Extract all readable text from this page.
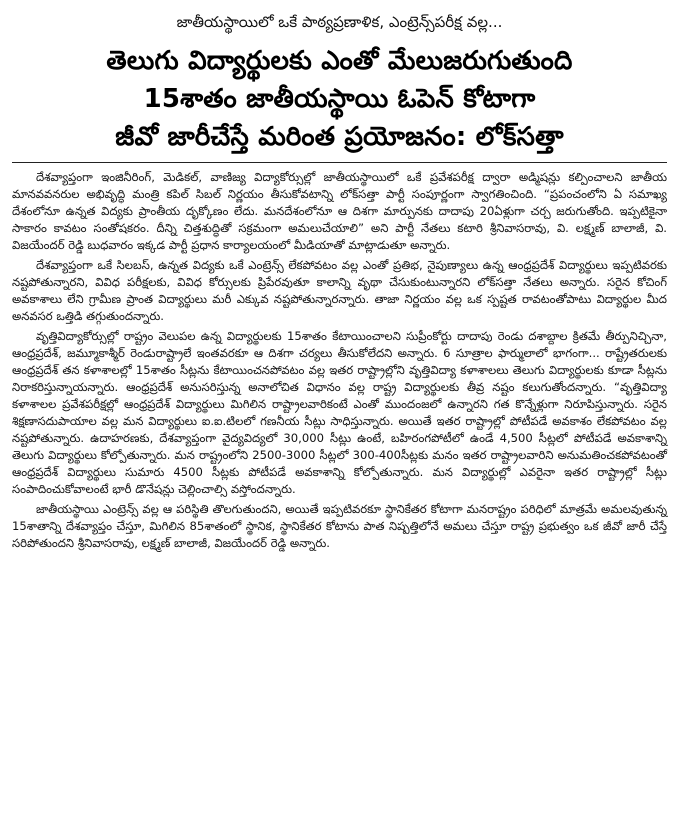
జాతీయస్థాయిలో ఒకే పాఠ్యప్రణాళిక, ఎంట్రెన్స్‌పరీక్ష వల్ల...
తెలుగు విద్యార్థులకు ఎంతో మేలుజరుగుతుంది
15శాతం జాతీయస్థాయి ఓపెన్ కోటాగా
జీవో జారీచేస్తే మరింత ప్రయోజనం: లోక్‌సత్తా

దేశవ్యాప్తంగా ఇంజినీరింగ్, మెడికల్, వాణిజ్య విద్యాకోర్సుల్లో జాతీయస్థాయిలో ఒకే ప్రవేశపరీక్ష ద్వారా అడ్మిషన్లు కల్పించాలని జాతీయ మానవవనరుల అభివృద్ధి మంత్రి కపిల్ సిబల్ నిర్ణయం తీసుకోవటాన్ని లోక్‌సత్తా పార్టీ సంపూర్ణంగా స్వాగతించింది. “ప్రపంచంలోని ఏ సమాఖ్య దేశంలోనూ ఉన్నత విద్యకు ప్రాంతీయ దృక్కోణం లేదు. మనదేశంలోనూ ఆ దిశగా మార్పునకు దాదాపు 20ఏళ్లుగా చర్చ జరుగుతోంది. ఇప్పటికైనా సాకారం కావటం సంతోషకరం. దీన్ని చిత్తశుద్ధితో సక్రమంగా అమలుచేయాలి” అని పార్టీ నేతలు కటారి శ్రీనివాసరావు, వి. లక్ష్మణ్ బాలాజీ, వి. విజయేందర్ రెడ్డి బుధవారం ఇక్కడ పార్టీ ప్రధాన కార్యాలయంలో మీడియాతో మాట్లాడుతూ అన్నారు.

దేశవ్యాప్తంగా ఒకే సిలబస్, ఉన్నత విద్యకు ఒకే ఎంట్రెన్స్ లేకపోవటం వల్ల ఎంతో ప్రతిభ, నైపుణ్యాలు ఉన్న ఆంధ్రప్రదేశ్ విద్యార్థులు ఇప్పటివరకు నష్టపోతున్నారని, వివిధ పరీక్షలకు, వివిధ కోర్సులకు ప్రిపేరవుతూ కాలాన్ని వృథా చేసుకుంటున్నారని లోక్‌సత్తా నేతలు అన్నారు. సరైన కోచింగ్ అవకాశాలు లేని గ్రామీణ ప్రాంత విద్యార్థులు మరీ ఎక్కువ నష్టపోతున్నారన్నారు. తాజా నిర్ణయం వల్ల ఒక స్పష్టత రావటంతోపాటు విద్యార్థుల మీద అనవసర ఒత్తిడి తగ్గుతుందన్నారు.

వృత్తివిద్యాకోర్సుల్లో రాష్ట్రం వెలుపల ఉన్న విద్యార్థులకు 15శాతం కేటాయించాలని సుప్రీంకోర్టు దాదాపు రెండు దశాబ్దాల క్రితమే తీర్పునిచ్చినా, ఆంధ్రప్రదేశ్, జమ్మూకాశ్మీర్ రెండురాష్ట్రాలే ఇంతవరకూ ఆ దిశగా చర్యలు తీసుకోలేదని అన్నారు. 6 సూత్రాల ఫార్ములాలో భాగంగా... రాష్ట్రేతరులకు ఆంధ్రప్రదేశ్ తన కళాశాలల్లో 15శాతం సీట్లను కేటాయించనపోవటం వల్ల ఇతర రాష్ట్రాల్లోని వృత్తివిద్యా కళాశాలలు తెలుగు విద్యార్థులకు కూడా సీట్లను నిరాకరిస్తున్నాయన్నారు. ఆంధ్రప్రదేశ్ అనుసరిస్తున్న అనాలోచిత విధానం వల్ల రాష్ట్ర విద్యార్థులకు తీవ్ర నష్టం కలుగుతోందన్నారు. “వృత్తివిద్యా కళాశాలల ప్రవేశపరీక్షల్లో ఆంధ్రప్రదేశ్ విద్యార్థులు మిగిలిన రాష్ట్రాలవారికంటే ఎంతో ముందంజలో ఉన్నారని గత కొన్నేళ్లుగా నిరూపిస్తున్నారు. సరైన శిక్షణాసదుపాయాల వల్ల మన విద్యార్థులు ఐ.ఐ.టిలలో గణనీయ సీట్లు సాధిస్తున్నారు. అయితే ఇతర రాష్ట్రాల్లో పోటీపడే అవకాశం లేకపోవటం వల్ల నష్టపోతున్నారు. ఉదాహరణకు, దేశవ్యాప్తంగా వైద్యవిద్యలో 30,000 సీట్లు ఉంటే, బహిరంగపోటీలో ఉండే 4,500 సీట్లలో పోటీపడే అవకాశాన్ని తెలుగు విద్యార్థులు కోల్పోతున్నారు. మన రాష్ట్రంలోని 2500-3000 సీట్లలో 300-400సీట్లకు మనం ఇతర రాష్ట్రాలవారిని అనుమతించకపోవటంతో ఆంధ్రప్రదేశ్ విద్యార్థులు సుమారు 4500 సీట్లకు పోటీపడే అవకాశాన్ని కోల్పోతున్నారు. మన విద్యార్థుల్లో ఎవరైనా ఇతర రాష్ట్రాల్లో సీట్లు సంపాదించుకోవాలంటే భారీ డొనేషన్లు చెల్లించాల్సి వస్తోందన్నారు.

జాతీయస్థాయి ఎంట్రెన్స్ వల్ల ఆ పరిస్థితి తొలగుతుందని, అయితే ఇప్పటివరకూ స్థానికేతర కోటాగా మనరాష్ట్రం పరిధిలో మాత్రమే అమలవుతున్న 15శాతాన్ని దేశవ్యాప్తం చేస్తూ, మిగిలిన 85శాతంలో స్థానిక, స్థానికేతర కోటాను పాత నిష్పత్తిలోనే అమలు చేస్తూ రాష్ట్ర ప్రభుత్వం ఒక జీవో జారీ చేస్తే సరిపోతుందని శ్రీనివాసరావు, లక్ష్మణ్ బాలాజీ, విజయేందర్ రెడ్డి అన్నారు.
